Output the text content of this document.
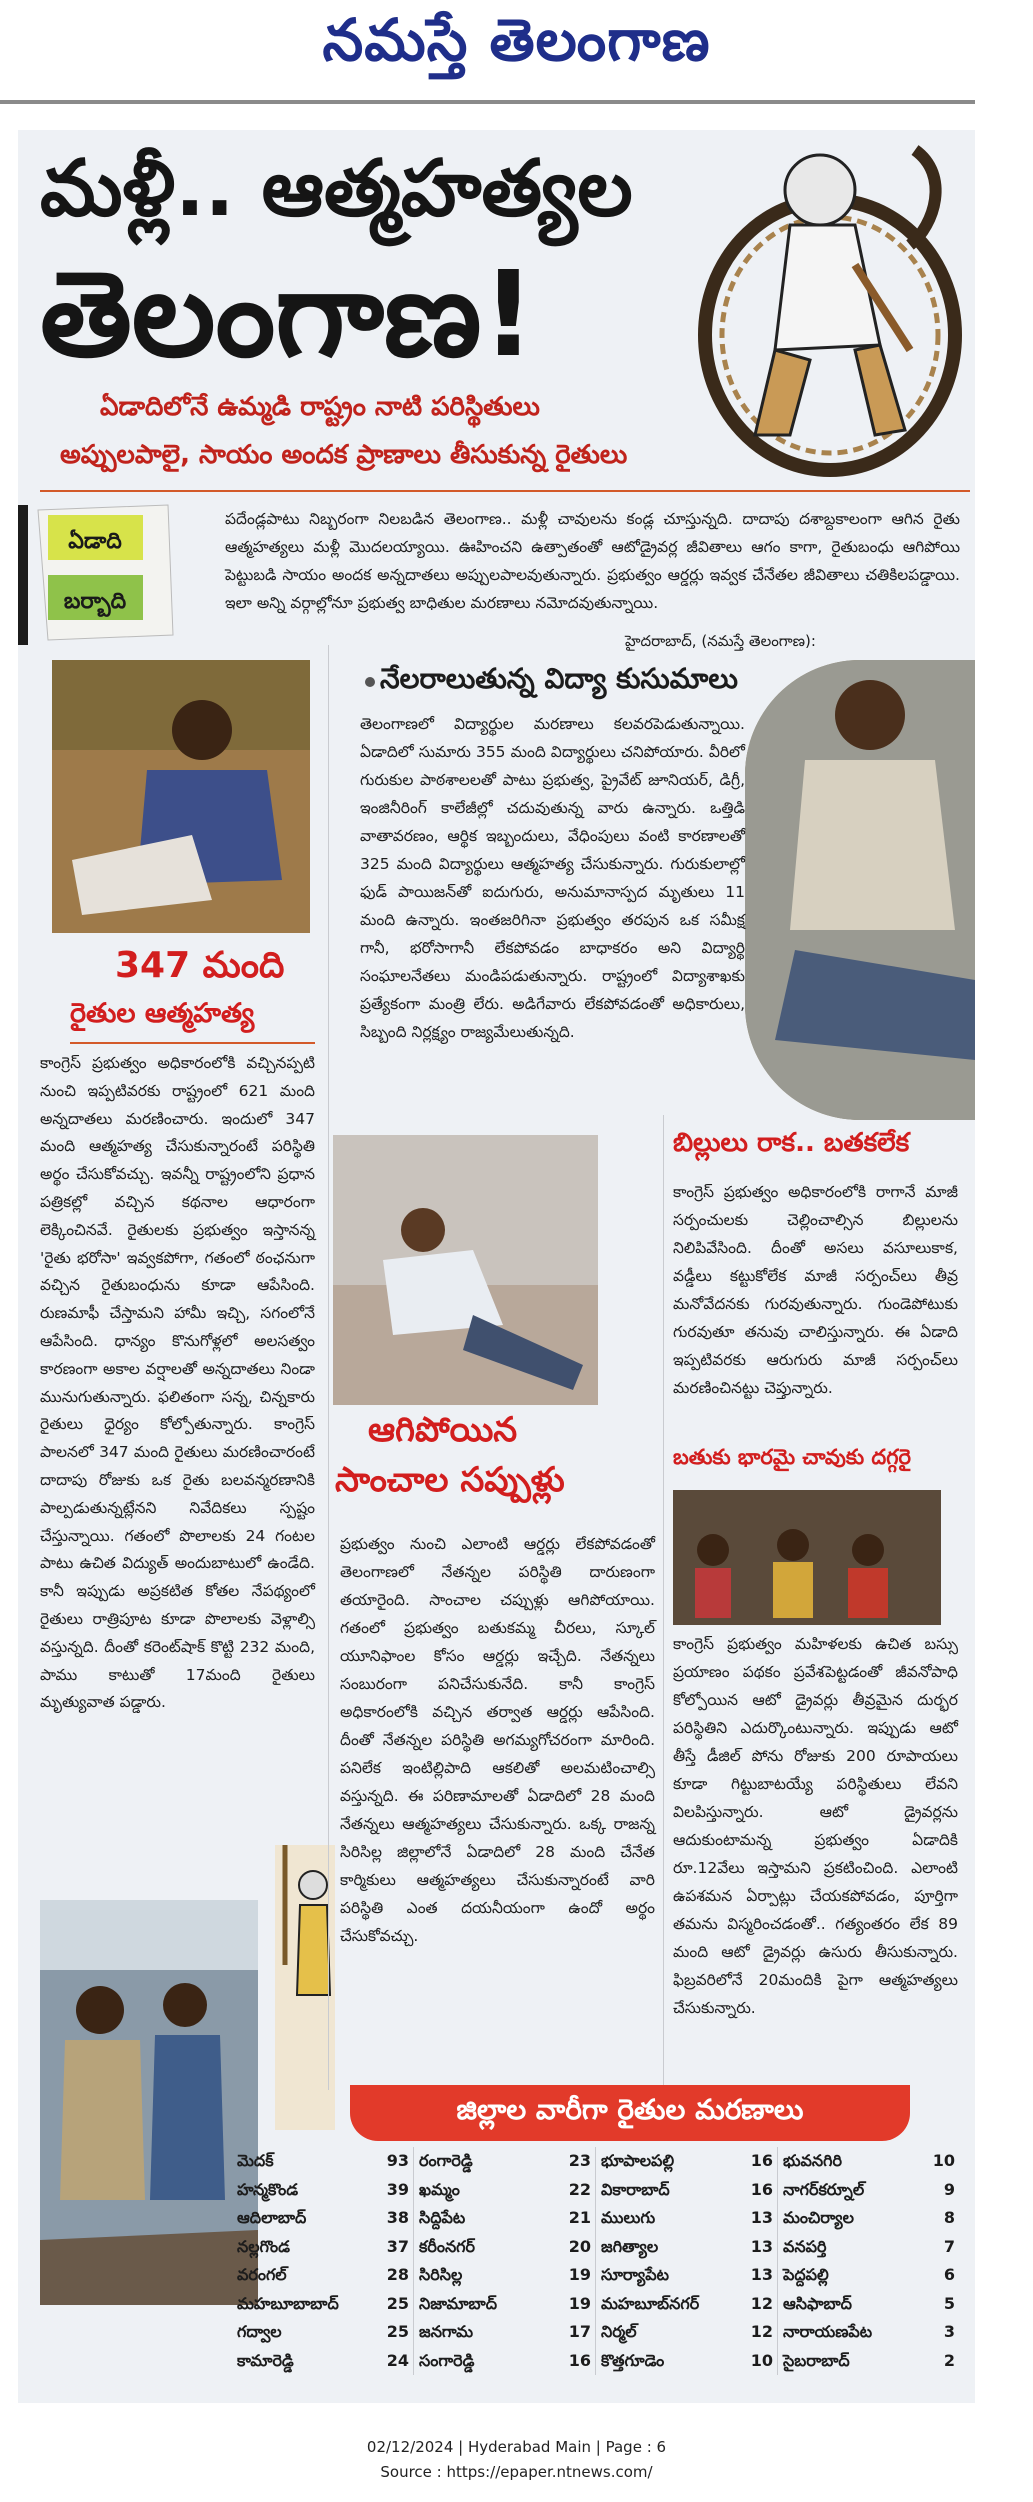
నమస్తే తెలంగాణ
మళ్లీ.. ఆత్మహత్యల
తెలంగాణ!
ఏడాదిలోనే ఉమ్మడి రాష్ట్రం నాటి పరిస్థితులు
అప్పులపాలై, సాయం అందక ప్రాణాలు తీసుకున్న రైతులు
ఏడాది
బర్బాది
పదేండ్లపాటు నిబ్బరంగా నిలబడిన తెలంగాణ.. మళ్లీ చావులను కండ్ల చూస్తున్నది. దాదాపు దశాబ్దకాలంగా ఆగిన రైతు ఆత్మహత్యలు మళ్లీ మొదలయ్యాయి. ఊహించని ఉత్పాతంతో ఆటోడ్రైవర్ల జీవితాలు ఆగం కాగా, రైతుబంధు ఆగిపోయి పెట్టుబడి సాయం అందక అన్నదాతలు అప్పులపాలవుతున్నారు. ప్రభుత్వం ఆర్డర్లు ఇవ్వక చేనేతల జీవితాలు చతికిలపడ్డాయి. ఇలా అన్ని వర్గాల్లోనూ ప్రభుత్వ బాధితుల మరణాలు నమోదవుతున్నాయి.
హైదరాబాద్, (నమస్తే తెలంగాణ):
నేలరాలుతున్న విద్యా కుసుమాలు
తెలంగాణలో విద్యార్థుల మరణాలు కలవరపెడుతున్నాయి. ఏడాదిలో సుమారు 355 మంది విద్యార్థులు చనిపోయారు. వీరిలో గురుకుల పాఠశాలలతో పాటు ప్రభుత్వ, ప్రైవేట్ జూనియర్, డిగ్రీ, ఇంజినీరింగ్ కాలేజీల్లో చదువుతున్న వారు ఉన్నారు. ఒత్తిడి వాతావరణం, ఆర్థిక ఇబ్బందులు, వేధింపులు వంటి కారణాలతో 325 మంది విద్యార్థులు ఆత్మహత్య చేసుకున్నారు. గురుకులాల్లో ఫుడ్ పాయిజన్‌తో ఐదుగురు, అనుమానాస్పద మృతులు 11 మంది ఉన్నారు. ఇంతజరిగినా ప్రభుత్వం తరపున ఒక సమీక్ష గానీ, భరోసాగానీ లేకపోవడం బాధాకరం అని విద్యార్థి సంఘాలనేతలు మండిపడుతున్నారు. రాష్ట్రంలో విద్యాశాఖకు ప్రత్యేకంగా మంత్రి లేరు. అడిగేవారు లేకపోవడంతో అధికారులు, సిబ్బంది నిర్లక్ష్యం రాజ్యమేలుతున్నది.
347 మంది
రైతుల ఆత్మహత్య
కాంగ్రెస్ ప్రభుత్వం అధికారంలోకి వచ్చినప్పటి నుంచి ఇప్పటివరకు రాష్ట్రంలో 621 మంది అన్నదాతలు మరణించారు. ఇందులో 347 మంది ఆత్మహత్య చేసుకున్నారంటే పరిస్థితి అర్థం చేసుకోవచ్చు. ఇవన్నీ రాష్ట్రంలోని ప్రధాన పత్రికల్లో వచ్చిన కథనాల ఆధారంగా లెక్కించినవే. రైతులకు ప్రభుత్వం ఇస్తానన్న 'రైతు భరోసా' ఇవ్వకపోగా, గతంలో ఠంఛనుగా వచ్చిన రైతుబంధును కూడా ఆపేసింది. రుణమాఫీ చేస్తామని హామీ ఇచ్చి, సగంలోనే ఆపేసింది. ధాన్యం కొనుగోళ్లలో అలసత్వం కారణంగా అకాల వర్షాలతో అన్నదాతలు నిండా మునుగుతున్నారు. ఫలితంగా సన్న, చిన్నకారు రైతులు ధైర్యం కోల్పోతున్నారు. కాంగ్రెస్ పాలనలో 347 మంది రైతులు మరణించారంటే దాదాపు రోజుకు ఒక రైతు బలవన్మరణానికి పాల్పడుతున్నట్లేనని నివేదికలు స్పష్టం చేస్తున్నాయి. గతంలో పొలాలకు 24 గంటల పాటు ఉచిత విద్యుత్ అందుబాటులో ఉండేది. కానీ ఇప్పుడు అప్రకటిత కోతల నేపథ్యంలో రైతులు రాత్రిపూట కూడా పొలాలకు వెళ్లాల్సి వస్తున్నది. దీంతో కరెంట్‌షాక్ కొట్టి 232 మంది, పాము కాటుతో 17మంది రైతులు మృత్యువాత పడ్డారు.
బిల్లులు రాక.. బతకలేక
కాంగ్రెస్ ప్రభుత్వం అధికారంలోకి రాగానే మాజీ సర్పంచులకు చెల్లించాల్సిన బిల్లులను నిలిపివేసింది. దీంతో అసలు వసూలుకాక, వడ్డీలు కట్టుకోలేక మాజీ సర్పంచ్‌లు తీవ్ర మనోవేదనకు గురవుతున్నారు. గుండెపోటుకు గురవుతూ తనువు చాలిస్తున్నారు. ఈ ఏడాది ఇప్పటివరకు ఆరుగురు మాజీ సర్పంచ్‌లు మరణించినట్టు చెప్తున్నారు.
బతుకు భారమై చావుకు దగ్గరై
కాంగ్రెస్ ప్రభుత్వం మహిళలకు ఉచిత బస్సు ప్రయాణం పథకం ప్రవేశపెట్టడంతో జీవనోపాధి కోల్పోయిన ఆటో డ్రైవర్లు తీవ్రమైన దుర్భర పరిస్థితిని ఎదుర్కొంటున్నారు. ఇప్పుడు ఆటో తీస్తే డీజిల్ పోను రోజుకు 200 రూపాయలు కూడా గిట్టుబాటయ్యే పరిస్థితులు లేవని విలపిస్తున్నారు. ఆటో డ్రైవర్లను ఆదుకుంటామన్న ప్రభుత్వం ఏడాదికి రూ.12వేలు ఇస్తామని ప్రకటించింది. ఎలాంటి ఉపశమన ఏర్పాట్లు చేయకపోవడం, పూర్తిగా తమను విస్మరించడంతో.. గత్యంతరం లేక 89 మంది ఆటో డ్రైవర్లు ఉసురు తీసుకున్నారు. ఫిబ్రవరిలోనే 20మందికి పైగా ఆత్మహత్యలు చేసుకున్నారు.
ఆగిపోయిన
సాంచాల సప్పుళ్లు
ప్రభుత్వం నుంచి ఎలాంటి ఆర్డర్లు లేకపోవడంతో తెలంగాణలో నేతన్నల పరిస్థితి దారుణంగా తయారైంది. సాంచాల చప్పుళ్లు ఆగిపోయాయి. గతంలో ప్రభుత్వం బతుకమ్మ చీరలు, స్కూల్ యూనిఫాంల కోసం ఆర్డర్లు ఇచ్చేది. నేతన్నలు సంబురంగా పనిచేసుకునేది. కానీ కాంగ్రెస్ అధికారంలోకి వచ్చిన తర్వాత ఆర్డర్లు ఆపేసింది. దీంతో నేతన్నల పరిస్థితి అగమ్యగోచరంగా మారింది. పనిలేక ఇంటిల్లిపాది ఆకలితో అలమటించాల్సి వస్తున్నది. ఈ పరిణామాలతో ఏడాదిలో 28 మంది నేతన్నలు ఆత్మహత్యలు చేసుకున్నారు. ఒక్క రాజన్న సిరిసిల్ల జిల్లాలోనే ఏడాదిలో 28 మంది చేనేత కార్మికులు ఆత్మహత్యలు చేసుకున్నారంటే వారి పరిస్థితి ఎంత దయనీయంగా ఉందో అర్థం చేసుకోవచ్చు.
జిల్లాల వారీగా రైతుల మరణాలు
మెదక్	93
హన్మకొండ	39
ఆదిలాబాద్	38
నల్లగొండ	37
వరంగల్	28
మహబూబాబాద్	25
గద్వాల	25
కామారెడ్డి	24
రంగారెడ్డి	23
ఖమ్మం	22
సిద్దిపేట	21
కరీంనగర్	20
సిరిసిల్ల	19
నిజామాబాద్	19
జనగామ	17
సంగారెడ్డి	16
భూపాలపల్లి	16
వికారాబాద్	16
ములుగు	13
జగిత్యాల	13
సూర్యాపేట	13
మహబూబ్‌నగర్	12
నిర్మల్	12
కొత్తగూడెం	10
భువనగిరి	10
నాగర్‌కర్నూల్	9
మంచిర్యాల	8
వనపర్తి	7
పెద్దపల్లి	6
ఆసిఫాబాద్	5
నారాయణపేట	3
సైబరాబాద్	2
02/12/2024 | Hyderabad Main | Page : 6
Source : https://epaper.ntnews.com/
